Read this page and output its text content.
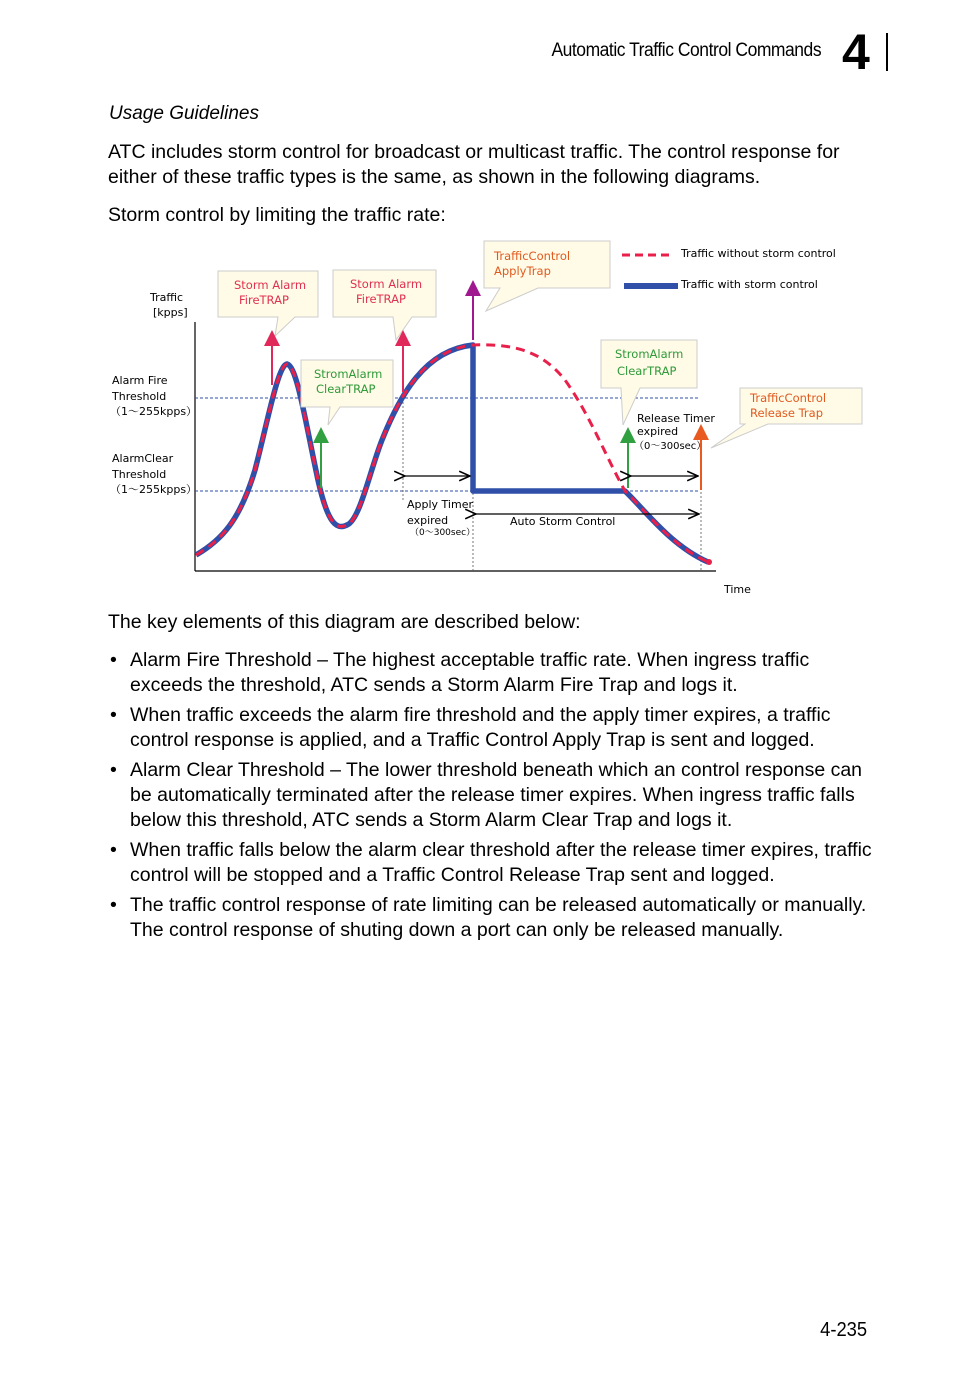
Automatic Traffic Control Commands 4
Usage Guidelines
ATC includes storm control for broadcast or multicast traffic. The control response for either of these traffic types is the same, as shown in the following diagrams.
Storm control by limiting the traffic rate:
Traffic without storm control
Traffic with storm control
Traffic
[kpps]
Time
Alarm Fire
Threshold
（1～255kpps）
AlarmClear
Threshold
（1～255kpps）
Storm Alarm
FireTRAP
Storm Alarm
FireTRAP
StromAlarm
ClearTRAP
TrafficControl
ApplyTrap
StromAlarm
ClearTRAP
TrafficControl
Release Trap
Apply Timer
expired
（0～300sec）
Auto Storm Control
Release Timer
expired
（0～300sec）
The key elements of this diagram are described below:
• Alarm Fire Threshold – The highest acceptable traffic rate. When ingress traffic exceeds the threshold, ATC sends a Storm Alarm Fire Trap and logs it.
• When traffic exceeds the alarm fire threshold and the apply timer expires, a traffic control response is applied, and a Traffic Control Apply Trap is sent and logged.
• Alarm Clear Threshold – The lower threshold beneath which an control response can be automatically terminated after the release timer expires. When ingress traffic falls below this threshold, ATC sends a Storm Alarm Clear Trap and logs it.
• When traffic falls below the alarm clear threshold after the release timer expires, traffic control will be stopped and a Traffic Control Release Trap sent and logged.
• The traffic control response of rate limiting can be released automatically or manually. The control response of shuting down a port can only be released manually.
4-235
